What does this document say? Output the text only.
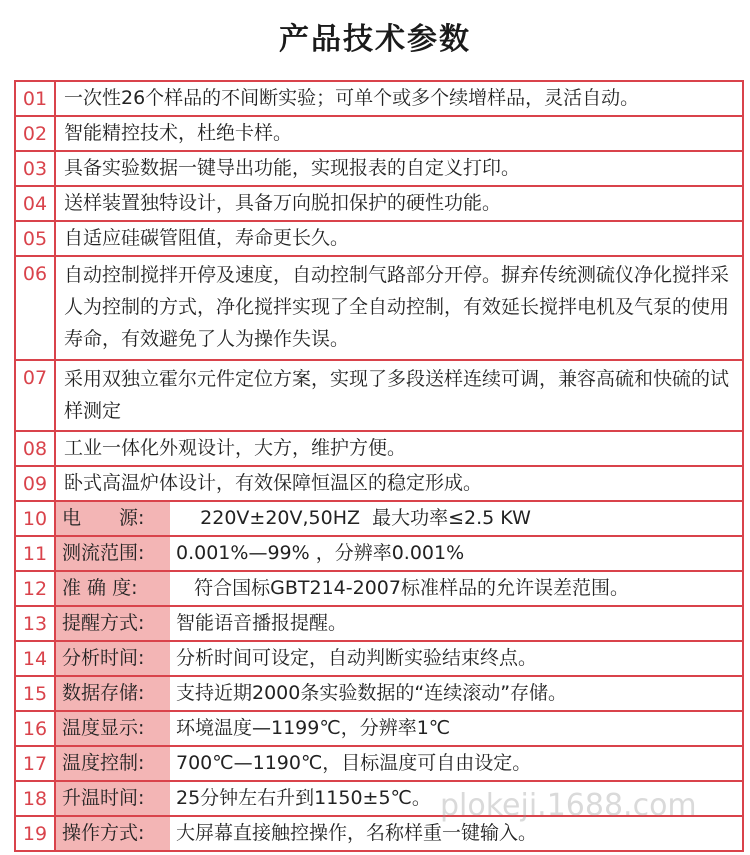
产品技术参数
01 一次性26个样品的不间断实验；可单个或多个续增样品，灵活自动。
02 智能精控技术，杜绝卡样。
03 具备实验数据一键导出功能，实现报表的自定义打印。
04 送样装置独特设计，具备万向脱扣保护的硬性功能。
05 自适应硅碳管阻值，寿命更长久。
06 自动控制搅拌开停及速度，自动控制气路部分开停。摒弃传统测硫仪净化搅拌采人为控制的方式，净化搅拌实现了全自动控制，有效延长搅拌电机及气泵的使用寿命，有效避免了人为操作失误。
07 采用双独立霍尔元件定位方案，实现了多段送样连续可调，兼容高硫和快硫的试样测定
08 工业一体化外观设计，大方，维护方便。
09 卧式高温炉体设计，有效保障恒温区的稳定形成。
10 电　　源:	220V±20V,50HZ  最大功率≤2.5 KW
11 测流范围:	0.001%—99% ，分辨率0.001%
12 准 确 度:	符合国标GBT214-2007标准样品的允许误差范围。
13 提醒方式:	智能语音播报提醒。
14 分析时间:	分析时间可设定，自动判断实验结束终点。
15 数据存储:	支持近期2000条实验数据的“连续滚动”存储。
16 温度显示:	环境温度—1199℃，分辨率1℃
17 温度控制:	700℃—1190℃，目标温度可自由设定。
18 升温时间:	25分钟左右升到1150±5℃。
19 操作方式:	大屏幕直接触控操作，名称样重一键输入。
plokeji.1688.com
